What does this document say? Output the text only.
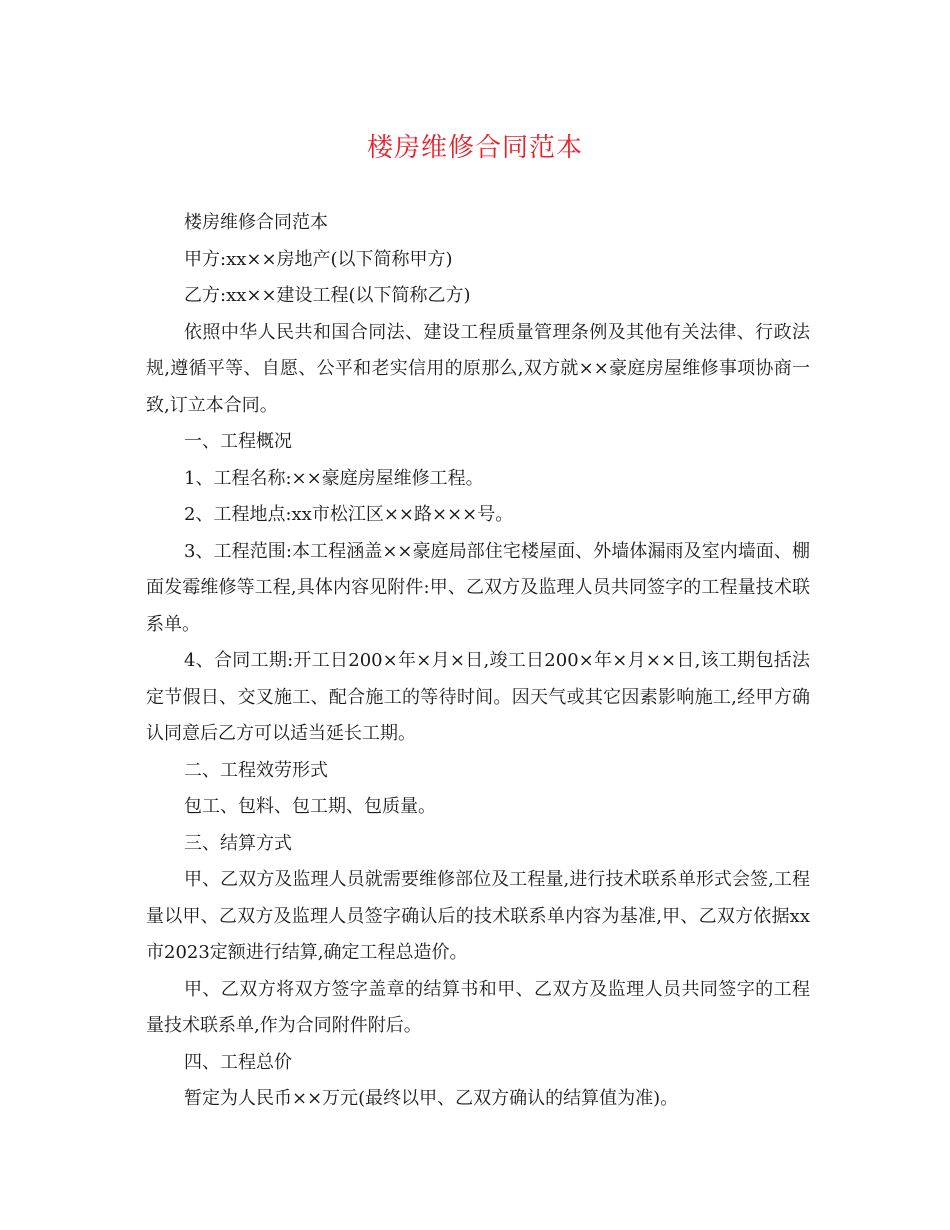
楼房维修合同范本

楼房维修合同范本

甲方:xx××房地产(以下简称甲方)

乙方:xx××建设工程(以下简称乙方)

依照中华人民共和国合同法、建设工程质量管理条例及其他有关法律、行政法规,遵循平等、自愿、公平和老实信用的原那么,双方就××豪庭房屋维修事项协商一致,订立本合同。

一、工程概况

1、工程名称:××豪庭房屋维修工程。

2、工程地点:xx市松江区××路×××号。

3、工程范围:本工程涵盖××豪庭局部住宅楼屋面、外墙体漏雨及室内墙面、棚面发霉维修等工程,具体内容见附件:甲、乙双方及监理人员共同签字的工程量技术联系单。

4、合同工期:开工日200×年×月×日,竣工日200×年×月××日,该工期包括法定节假日、交叉施工、配合施工的等待时间。因天气或其它因素影响施工,经甲方确认同意后乙方可以适当延长工期。

二、工程效劳形式

包工、包料、包工期、包质量。

三、结算方式

甲、乙双方及监理人员就需要维修部位及工程量,进行技术联系单形式会签,工程量以甲、乙双方及监理人员签字确认后的技术联系单内容为基准,甲、乙双方依据xx市2023定额进行结算,确定工程总造价。

甲、乙双方将双方签字盖章的结算书和甲、乙双方及监理人员共同签字的工程量技术联系单,作为合同附件附后。

四、工程总价

暂定为人民币××万元(最终以甲、乙双方确认的结算值为准)。
